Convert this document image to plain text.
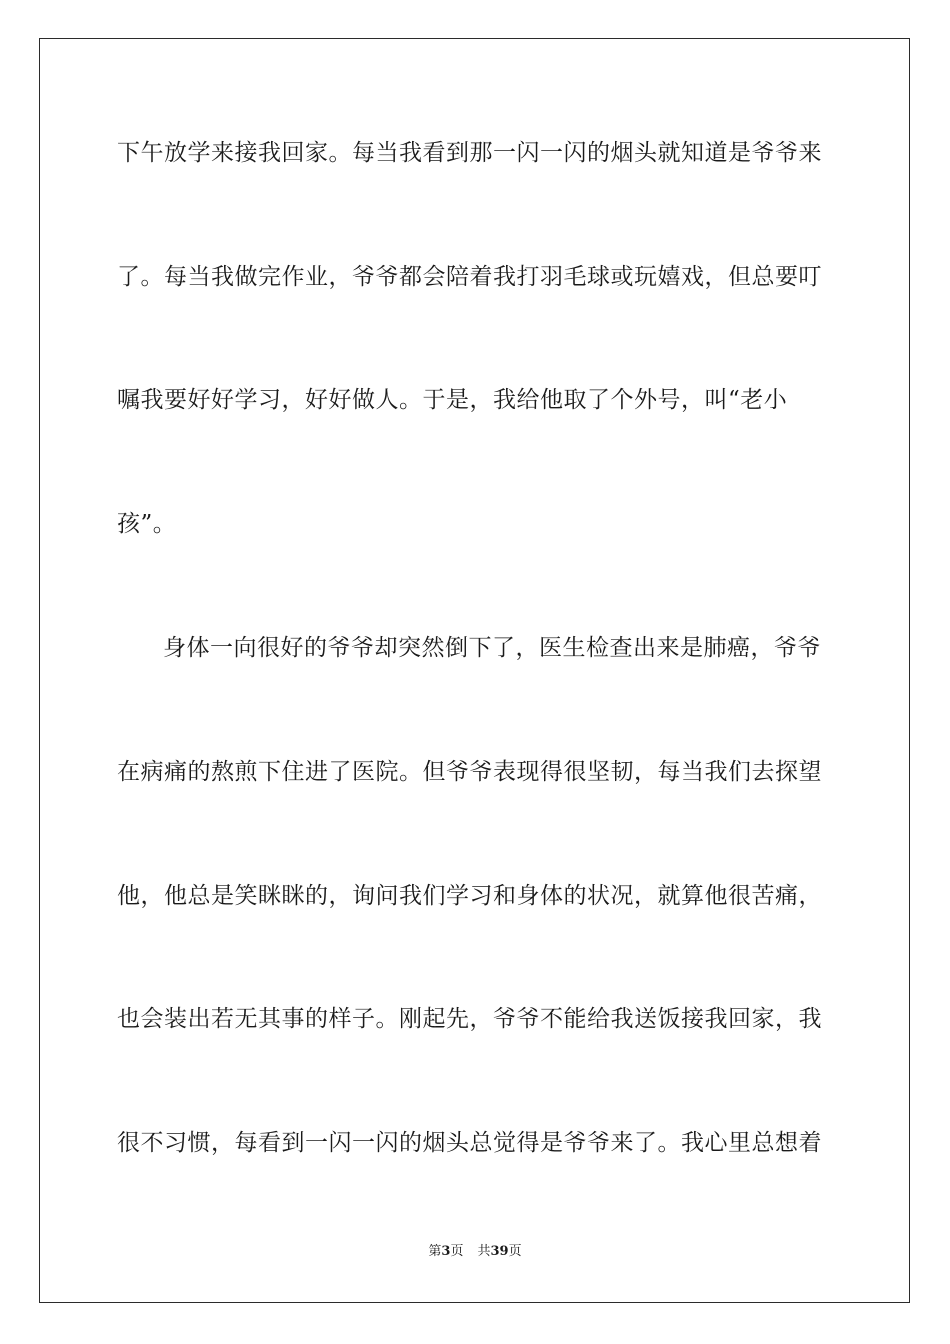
下午放学来接我回家。每当我看到那一闪一闪的烟头就知道是爷爷来
了。每当我做完作业，爷爷都会陪着我打羽毛球或玩嬉戏，但总要叮
嘱我要好好学习，好好做人。于是，我给他取了个外号，叫“老小
孩”。
身体一向很好的爷爷却突然倒下了，医生检查出来是肺癌，爷爷
在病痛的熬煎下住进了医院。但爷爷表现得很坚韧，每当我们去探望
他，他总是笑眯眯的，询问我们学习和身体的状况，就算他很苦痛，
也会装出若无其事的样子。刚起先，爷爷不能给我送饭接我回家，我
很不习惯，每看到一闪一闪的烟头总觉得是爷爷来了。我心里总想着
第3页 共39页
